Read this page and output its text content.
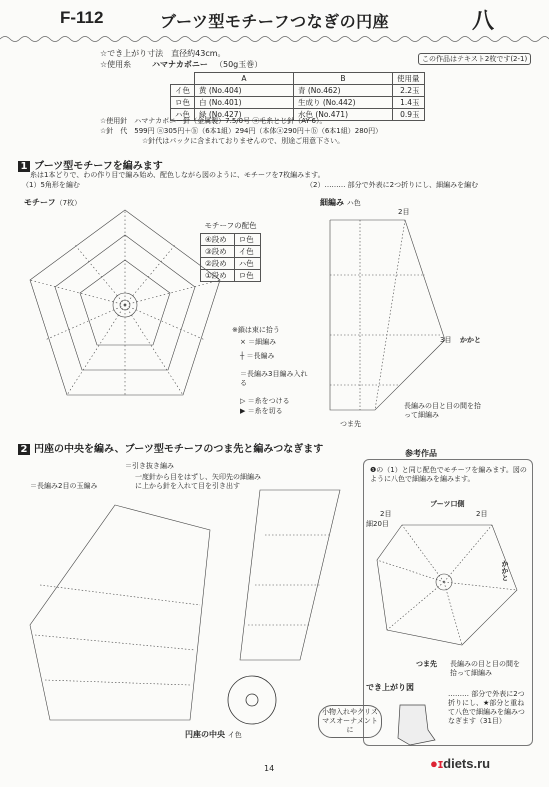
F-112	ブーツ型モチーフつなぎの円座	八
☆でき上がり寸法　直径約43cm。
☆使用糸	ハマナカボニー （50g玉巻）
この作品はテキスト2枚です(2-1)
	A	B	使用量
イ色	黄 (No.404)	青 (No.462)	2.2玉
ロ色	白 (No.401)	生成り (No.442)	1.4玉
ハ色	緑 (No.427)	水色 (No.471)	0.9玉
☆使用針　ハマナカボニー針（金属製）7.5/0号 ⓐ毛糸とじ針（AY-6）。
☆針　代　599円 ⓐ305円＋ⓑ（6本1組）294円（本体ⓐ290円＋ⓑ（6本1組）280円）
☆針代はパックに含まれておりませんので、別途ご用意下さい。
1 ブーツ型モチーフを編みます
糸は1本どりで、わの作り目で編み始め、配色しながら図のように、モチーフを7枚編みます。
（1）5角形を編む	（2）……… 部分で外表に2つ折りにし、細編みを編む
モチーフ（7枚）
モチーフの配色	
④段め	ロ色
③段め	イ色
②段め	ハ色
①段め	ロ色
※鎖は束に拾う
× ＝細編み
┼ ＝長編み
＝長編み3目編み入れる
▷ ＝糸をつける
▶ ＝糸を切る
細編み ハ色
2目
3目 かかと
つま先
長編みの目と目の間を拾って細編み
2 円座の中央を編み、ブーツ型モチーフのつま先と編みつなぎます
＝引き抜き編み
一度針から目をはずし、矢印先の細編みに上から針を入れて目を引き出す
＝長編み2目の玉編み
円座の中央 イ色
参考作品
❶の（1）と同じ配色でモチーフを編みます。図のように八色で細編みを編みます。
ブーツ口側
2目	2目
細20目
かかと
つま先 長編みの目と目の間を拾って細編み
でき上がり図
……… 部分で外表に2つ折りにし、★部分と重ねて八色で細編みを編みつなぎます（31目）
小物入れやクリスマスオーナメントに
14	●ɪdiets.ru
